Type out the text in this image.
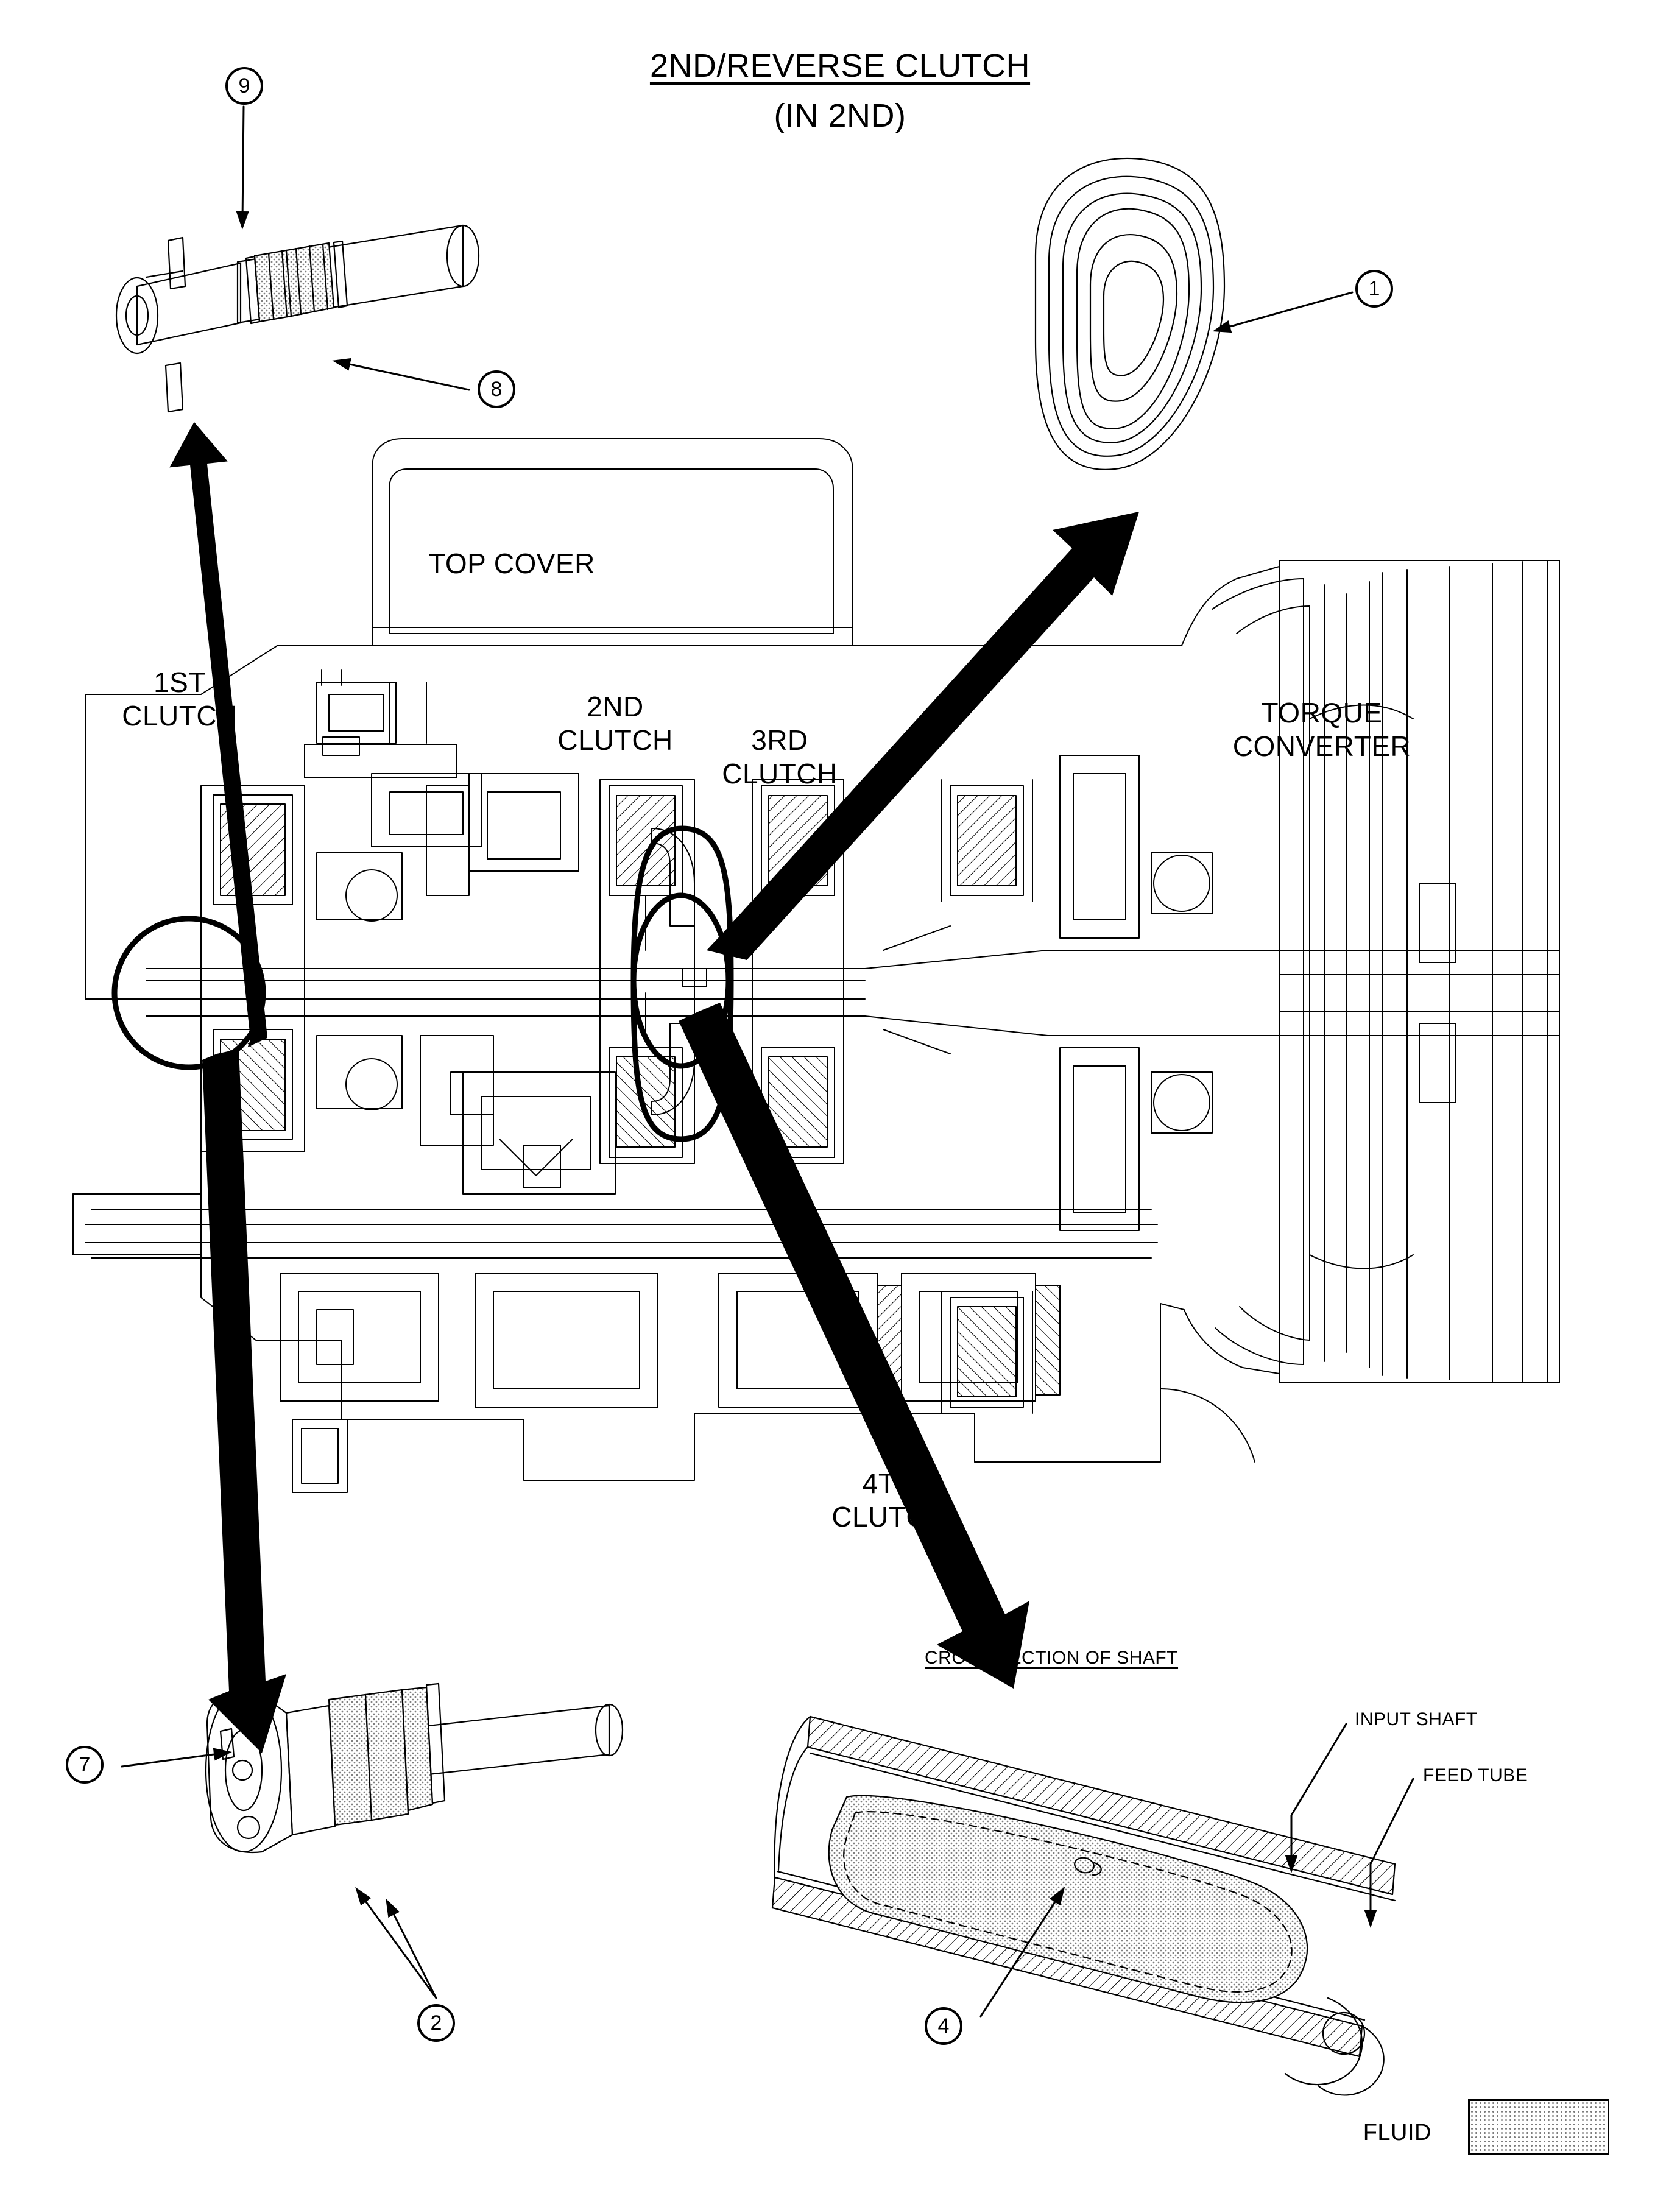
2ND/REVERSE CLUTCH
(IN 2ND)
TOP COVER
1ST
CLUTCH	2ND
CLUTCH	3RD
CLUTCH
4TH
CLUTCH
TORQUE
CONVERTER
CROSS SECTION OF SHAFT
INPUT SHAFT
FEED TUBE
FLUID
9
1
8
7
2	4
